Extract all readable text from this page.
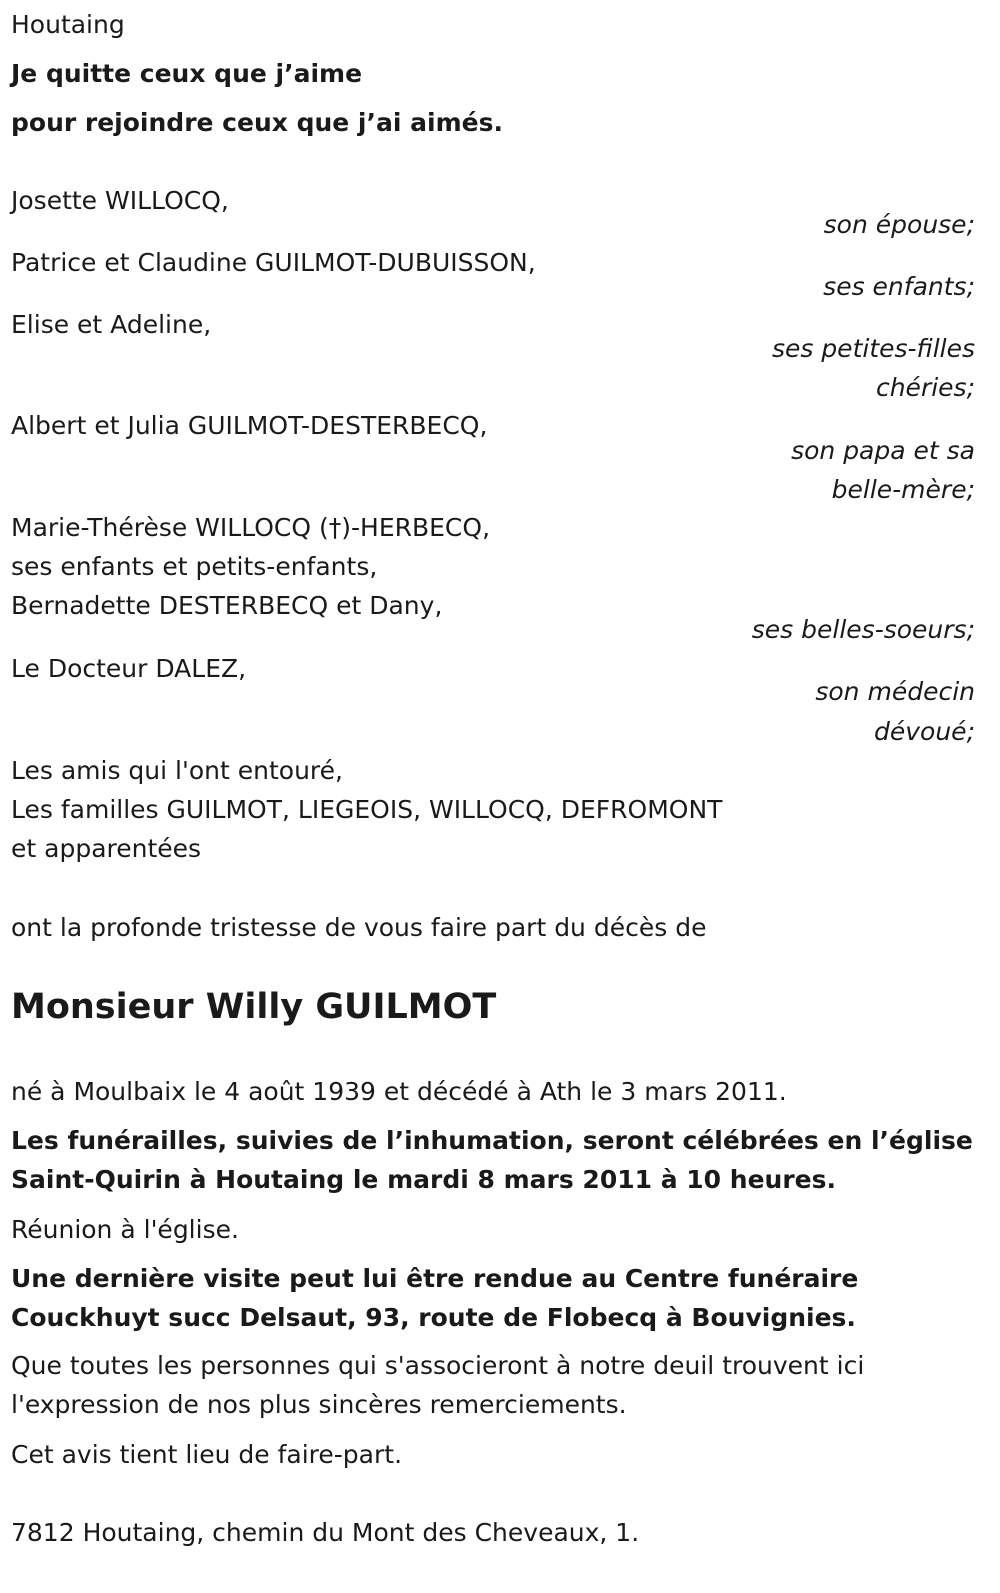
Houtaing
Je quitte ceux que j’aime
pour rejoindre ceux que j’ai aimés.
Josette WILLOCQ,
son épouse;
Patrice et Claudine GUILMOT-DUBUISSON,
ses enfants;
Elise et Adeline,
ses petites-filles
chéries;
Albert et Julia GUILMOT-DESTERBECQ,
son papa et sa
belle-mère;
Marie-Thérèse WILLOCQ (†)-HERBECQ,
ses enfants et petits-enfants,
Bernadette DESTERBECQ et Dany,
ses belles-soeurs;
Le Docteur DALEZ,
son médecin
dévoué;
Les amis qui l'ont entouré,
Les familles GUILMOT, LIEGEOIS, WILLOCQ, DEFROMONT
et apparentées
ont la profonde tristesse de vous faire part du décès de
Monsieur Willy GUILMOT
né à Moulbaix le 4 août 1939 et décédé à Ath le 3 mars 2011.
Les funérailles, suivies de l’inhumation, seront célébrées en l’église
Saint-Quirin à Houtaing le mardi 8 mars 2011 à 10 heures.
Réunion à l'église.
Une dernière visite peut lui être rendue au Centre funéraire
Couckhuyt succ Delsaut, 93, route de Flobecq à Bouvignies.
Que toutes les personnes qui s'associeront à notre deuil trouvent ici
l'expression de nos plus sincères remerciements.
Cet avis tient lieu de faire-part.
7812 Houtaing, chemin du Mont des Cheveaux, 1.
